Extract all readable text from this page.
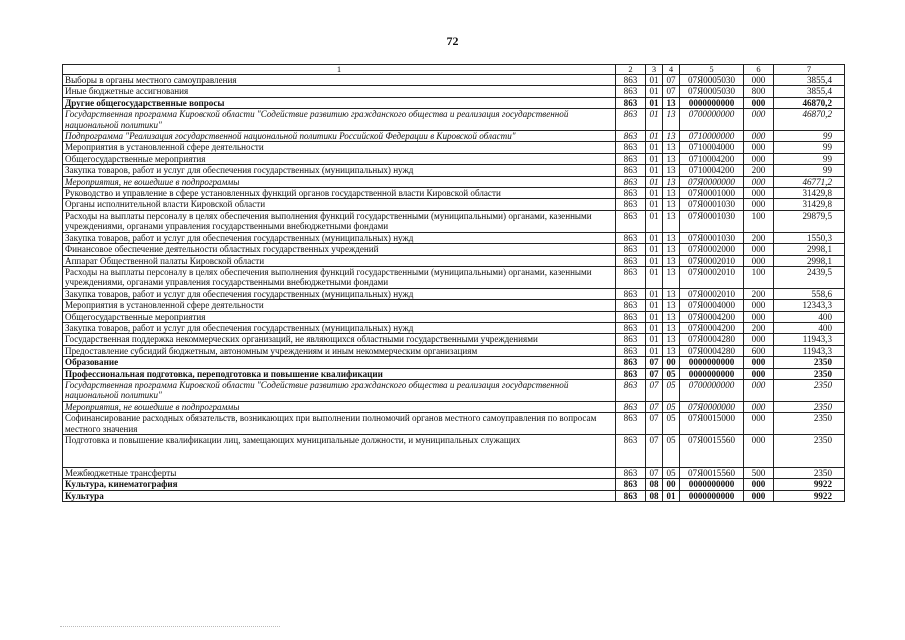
72
1	2	3	4	5	6	7
Выборы в органы местного самоуправления	863	01	07	07Я0005030	000	3855,4
Иные бюджетные ассигнования	863	01	07	07Я0005030	800	3855,4
Другие общегосударственные вопросы	863	01	13	0000000000	000	46870,2
Государственная программа Кировской области "Содействие развитию гражданского общества и реализация государственной национальной политики"	863	01	13	0700000000	000	46870,2
Подпрограмма "Реализация государственной национальной политики Российской Федерации в Кировской области"	863	01	13	0710000000	000	99
Мероприятия в установленной сфере деятельности	863	01	13	0710004000	000	99
Общегосударственные мероприятия	863	01	13	0710004200	000	99
Закупка товаров, работ и услуг для обеспечения государственных (муниципальных) нужд	863	01	13	0710004200	200	99
Мероприятия, не вошедшие в подпрограммы	863	01	13	07Я0000000	000	46771,2
Руководство и управление в сфере установленных функций органов государственной власти Кировской области	863	01	13	07Я0001000	000	31429,8
Органы исполнительной власти Кировской области	863	01	13	07Я0001030	000	31429,8
Расходы на выплаты персоналу в целях обеспечения выполнения функций государственными (муниципальными) органами, казенными учреждениями, органами управления государственными внебюджетными фондами	863	01	13	07Я0001030	100	29879,5
Закупка товаров, работ и услуг для обеспечения государственных (муниципальных) нужд	863	01	13	07Я0001030	200	1550,3
Финансовое обеспечение деятельности областных государственных учреждений	863	01	13	07Я0002000	000	2998,1
Аппарат Общественной палаты Кировской области	863	01	13	07Я0002010	000	2998,1
Расходы на выплаты персоналу в целях обеспечения выполнения функций государственными (муниципальными) органами, казенными учреждениями, органами управления государственными внебюджетными фондами	863	01	13	07Я0002010	100	2439,5
Закупка товаров, работ и услуг для обеспечения государственных (муниципальных) нужд	863	01	13	07Я0002010	200	558,6
Мероприятия в установленной сфере деятельности	863	01	13	07Я0004000	000	12343,3
Общегосударственные мероприятия	863	01	13	07Я0004200	000	400
Закупка товаров, работ и услуг для обеспечения государственных (муниципальных) нужд	863	01	13	07Я0004200	200	400
Государственная поддержка некоммерческих организаций, не являющихся областными государственными учреждениями	863	01	13	07Я0004280	000	11943,3
Предоставление субсидий бюджетным, автономным учреждениям и иным некоммерческим организациям	863	01	13	07Я0004280	600	11943,3
Образование	863	07	00	0000000000	000	2350
Профессиональная подготовка, переподготовка и повышение квалификации	863	07	05	0000000000	000	2350
Государственная программа Кировской области "Содействие развитию гражданского общества и реализация государственной национальной политики"	863	07	05	0700000000	000	2350
Мероприятия, не вошедшие в подпрограммы	863	07	05	07Я0000000	000	2350
Софинансирование расходных обязательств, возникающих при выполнении полномочий органов местного самоуправления по вопросам местного значения	863	07	05	07Я0015000	000	2350
Подготовка и повышение квалификации лиц, замещающих муниципальные должности, и муниципальных служащих	863	07	05	07Я0015560	000	2350
Межбюджетные трансферты	863	07	05	07Я0015560	500	2350
Культура, кинематография	863	08	00	0000000000	000	9922
Культура	863	08	01	0000000000	000	9922
